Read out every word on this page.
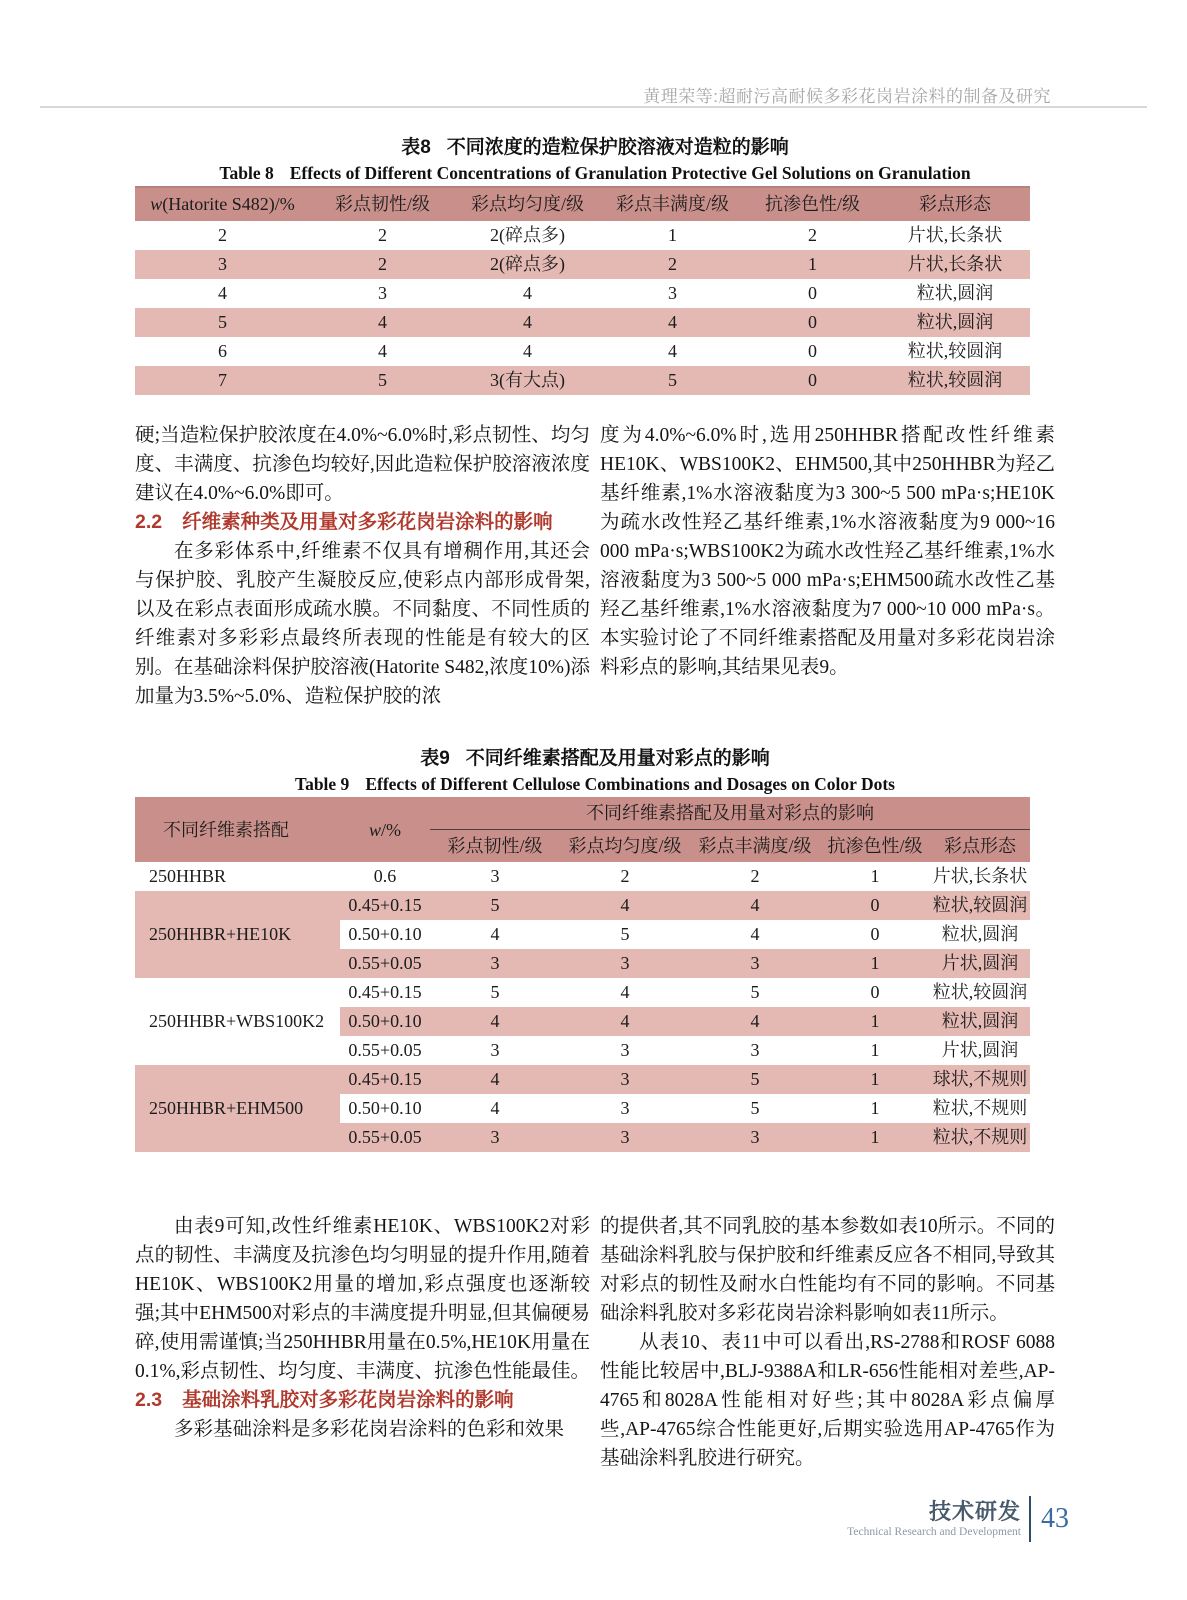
黄理荣等:超耐污高耐候多彩花岗岩涂料的制备及研究

表8 不同浓度的造粒保护胶溶液对造粒的影响

Table 8 Effects of Different Concentrations of Granulation Protective Gel Solutions on Granulation

w(Hatorite S482)/%	彩点韧性/级	彩点均匀度/级	彩点丰满度/级	抗渗色性/级	彩点形态
2	2	2(碎点多)	1	2	片状,长条状
3	2	2(碎点多)	2	1	片状,长条状
4	3	4	3	0	粒状,圆润
5	4	4	4	0	粒状,圆润
6	4	4	4	0	粒状,较圆润
7	5	3(有大点)	5	0	粒状,较圆润

硬;当造粒保护胶浓度在4.0%~6.0%时,彩点韧性、均匀度、丰满度、抗渗色均较好,因此造粒保护胶溶液浓度建议在4.0%~6.0%即可。

2.2 纤维素种类及用量对多彩花岗岩涂料的影响

在多彩体系中,纤维素不仅具有增稠作用,其还会与保护胶、乳胶产生凝胶反应,使彩点内部形成骨架,以及在彩点表面形成疏水膜。不同黏度、不同性质的纤维素对多彩彩点最终所表现的性能是有较大的区别。在基础涂料保护胶溶液(Hatorite S482,浓度10%)添加量为3.5%~5.0%、造粒保护胶的浓

度为4.0%~6.0%时,选用250HHBR搭配改性纤维素HE10K、WBS100K2、EHM500,其中250HHBR为羟乙基纤维素,1%水溶液黏度为3 300~5 500 mPa·s;HE10K为疏水改性羟乙基纤维素,1%水溶液黏度为9 000~16 000 mPa·s;WBS100K2为疏水改性羟乙基纤维素,1%水溶液黏度为3 500~5 000 mPa·s;EHM500疏水改性乙基羟乙基纤维素,1%水溶液黏度为7 000~10 000 mPa·s。本实验讨论了不同纤维素搭配及用量对多彩花岗岩涂料彩点的影响,其结果见表9。

表9 不同纤维素搭配及用量对彩点的影响

Table 9 Effects of Different Cellulose Combinations and Dosages on Color Dots

不同纤维素搭配	w/%	不同纤维素搭配及用量对彩点的影响				
		彩点韧性/级	彩点均匀度/级	彩点丰满度/级	抗渗色性/级	彩点形态
250HHBR	0.6	3	2	2	1	片状,长条状
250HHBR+HE10K	0.45+0.15	5	4	4	0	粒状,较圆润
	0.50+0.10	4	5	4	0	粒状,圆润
	0.55+0.05	3	3	3	1	片状,圆润
250HHBR+WBS100K2	0.45+0.15	5	4	5	0	粒状,较圆润
	0.50+0.10	4	4	4	1	粒状,圆润
	0.55+0.05	3	3	3	1	片状,圆润
250HHBR+EHM500	0.45+0.15	4	3	5	1	球状,不规则
	0.50+0.10	4	3	5	1	粒状,不规则
	0.55+0.05	3	3	3	1	粒状,不规则

由表9可知,改性纤维素HE10K、WBS100K2对彩点的韧性、丰满度及抗渗色均匀明显的提升作用,随着HE10K、WBS100K2用量的增加,彩点强度也逐渐较强;其中EHM500对彩点的丰满度提升明显,但其偏硬易碎,使用需谨慎;当250HHBR用量在0.5%,HE10K用量在0.1%,彩点韧性、均匀度、丰满度、抗渗色性能最佳。

2.3 基础涂料乳胶对多彩花岗岩涂料的影响

多彩基础涂料是多彩花岗岩涂料的色彩和效果

的提供者,其不同乳胶的基本参数如表10所示。不同的基础涂料乳胶与保护胶和纤维素反应各不相同,导致其对彩点的韧性及耐水白性能均有不同的影响。不同基础涂料乳胶对多彩花岗岩涂料影响如表11所示。

从表10、表11中可以看出,RS-2788和ROSF 6088性能比较居中,BLJ-9388A和LR-656性能相对差些,AP-4765和8028A性能相对好些;其中8028A彩点偏厚些,AP-4765综合性能更好,后期实验选用AP-4765作为基础涂料乳胶进行研究。

技术研发
Technical Research and Development 43
